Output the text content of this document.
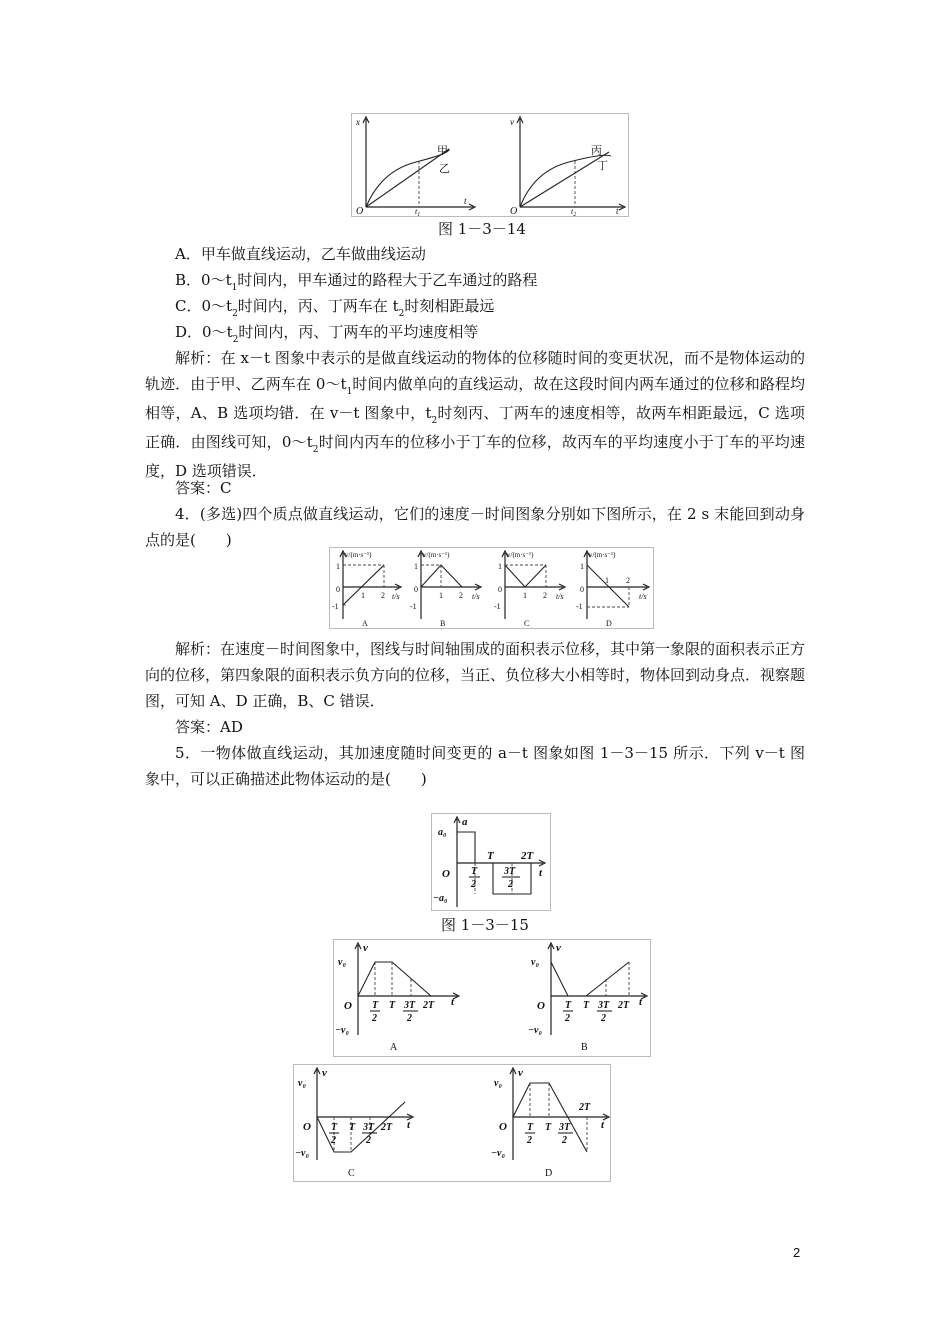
x
t
O	$t_1$
甲
乙
v
t
O	$t_2$
丙
丁
图 1－3－14
A．甲车做直线运动，乙车做曲线运动
B．$0\sim t_1$时间内，甲车通过的路程大于乙车通过的路程
C．$0\sim t_2$时间内，丙、丁两车在 $t_2$时刻相距最远
D．$0\sim t_2$时间内，丙、丁两车的平均速度相等
解析：在 x－t 图象中表示的是做直线运动的物体的位移随时间的变更状况，而不是物体运动的轨迹．由于甲、乙两车在 $0\sim t_1$时间内做单向的直线运动，故在这段时间内两车通过的位移和路程均相等，A、B 选项均错．在 v－t 图象中，$t_2$时刻丙、丁两车的速度相等，故两车相距最远，C 选项正确．由图线可知，$0\sim t_2$时间内丙车的位移小于丁车的位移，故丙车的平均速度小于丁车的平均速度，D 选项错误．
答案：C
4．(多选)四个质点做直线运动，它们的速度－时间图象分别如下图所示，在 2 s 末能回到动身点的是(　　)
v/(m·s⁻¹)
1
-1
0
1 2 t/s
A
v/(m·s⁻¹)
1
-1
0
1 2 t/s
B
v/(m·s⁻¹)
1
-1
0
1 2 t/s
C
v/(m·s⁻¹)
1
-1
0
1 2
t/s
D
解析：在速度－时间图象中，图线与时间轴围成的面积表示位移，其中第一象限的面积表示正方向的位移，第四象限的面积表示负方向的位移，当正、负位移大小相等时，物体回到动身点．视察题图，可知 A、D 正确，B、C 错误．
答案：AD
5．一物体做直线运动，其加速度随时间变更的 a－t 图象如图 1－3－15 所示．下列 v－t 图象中，可以正确描述此物体运动的是(　　)
a
t
O
a₀
−a₀
T 2T
T
2
3T
2
图 1－3－15
v
t
O
v₀
−v₀
T
2
T 3T
2
2T
A
v
t
O
v₀
−v₀
T
2
T 3T
2
2T
B
v
t
O
v₀
−v₀
T
2
T 3T
2
2T
C
v
t
O
v₀
−v₀
T
2
T 3T
2
2T
D
2
